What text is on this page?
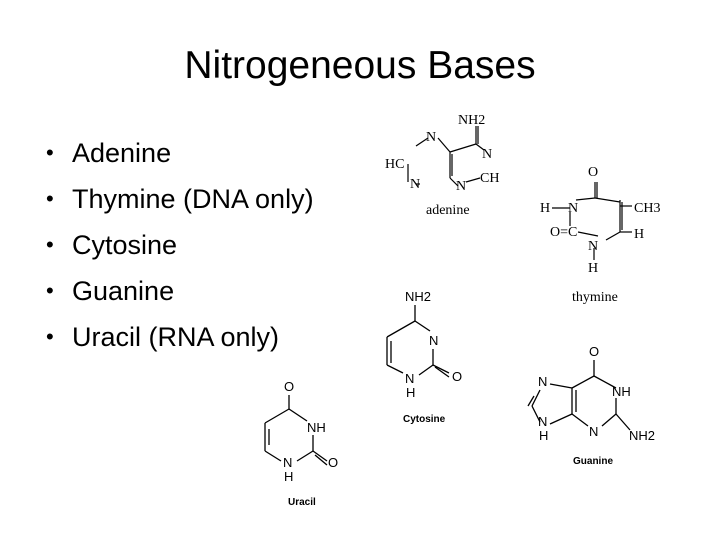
Nitrogeneous Bases
• Adenine
• Thymine (DNA only)
• Cytosine
• Guanine
• Uracil (RNA only)
NH2
N
HC
N
N	N
CH
adenine
O
H N	CH3
O=C	H
N
H
thymine
NH2
N
N
H
O
Cytosine
O
N
NH
N
H	N NH2
Guanine
O
NH
N
H
O
Uracil
